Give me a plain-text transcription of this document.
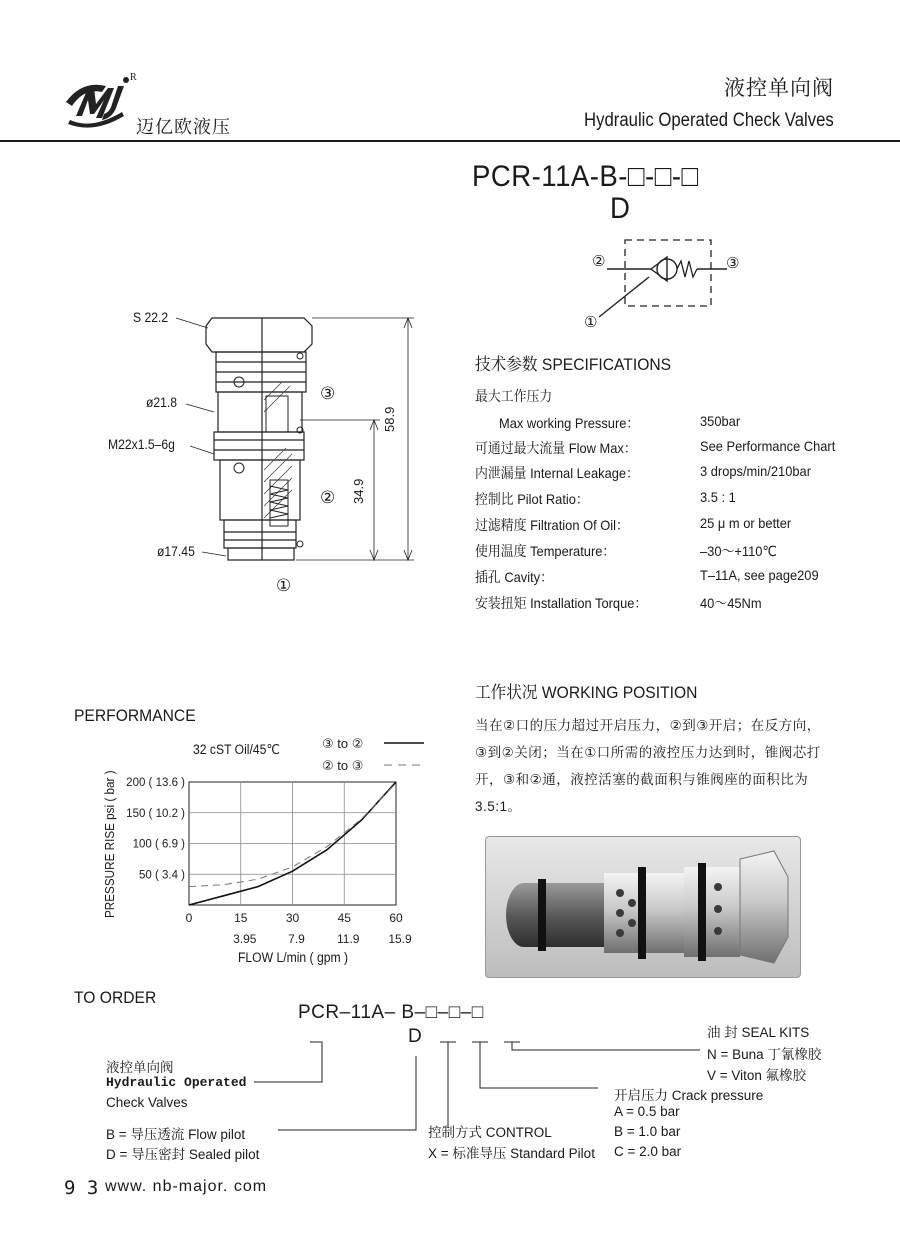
R
迈亿欧液压
液控单向阀
Hydraulic Operated Check Valves
PCR-11A-B-□-□-□
D
②	③
①
S 22.2
ø21.8
M22x1.5–6g
ø17.45
58.9
34.9
③
②
①
技术参数 SPECIFICATIONS
最大工作压力
Max working Pressure：	350bar
可通过最大流量 Flow Max：	See Performance Chart
内泄漏量 Internal Leakage：	3 drops/min/210bar
控制比 Pilot Ratio：	3.5 : 1
过滤精度 Filtration Of Oil：	25 μ m or better
使用温度 Temperature：	–30～+110℃
插孔 Cavity：	T–11A, see page209
安装扭矩 Installation Torque：	40～45Nm
工作状况 WORKING POSITION
当在②口的压力超过开启压力，②到③开启；在反方向，
③到②关闭；当在①口所需的液控压力达到时，锥阀芯打
开，③和②通，液控活塞的截面积与锥阀座的面积比为
3.5:1。
PERFORMANCE
32 cST Oil/45℃
0	15	30	45	60
3.95	7.9	11.9 15.9
50 ( 3.4 )
100 ( 6.9 )
150 ( 10.2 )
200 ( 13.6 )
③ to ②
② to ③
FLOW L/min ( gpm )
PRESSURE RISE psi ( bar )
TO ORDER
PCR–11A– B–□–□–□
D	油 封 SEAL KITS
N = Buna 丁氰橡胶
V = Viton 氟橡胶
开启压力 Crack pressure
A = 0.5 bar
B = 1.0 bar
C = 2.0 bar
控制方式 CONTROL
X = 标准导压 Standard Pilot
液控单向阀
Hydraulic Operated
Check Valves
B = 导压透流 Flow pilot
D = 导压密封 Sealed pilot
9 3 www. nb-major. com
